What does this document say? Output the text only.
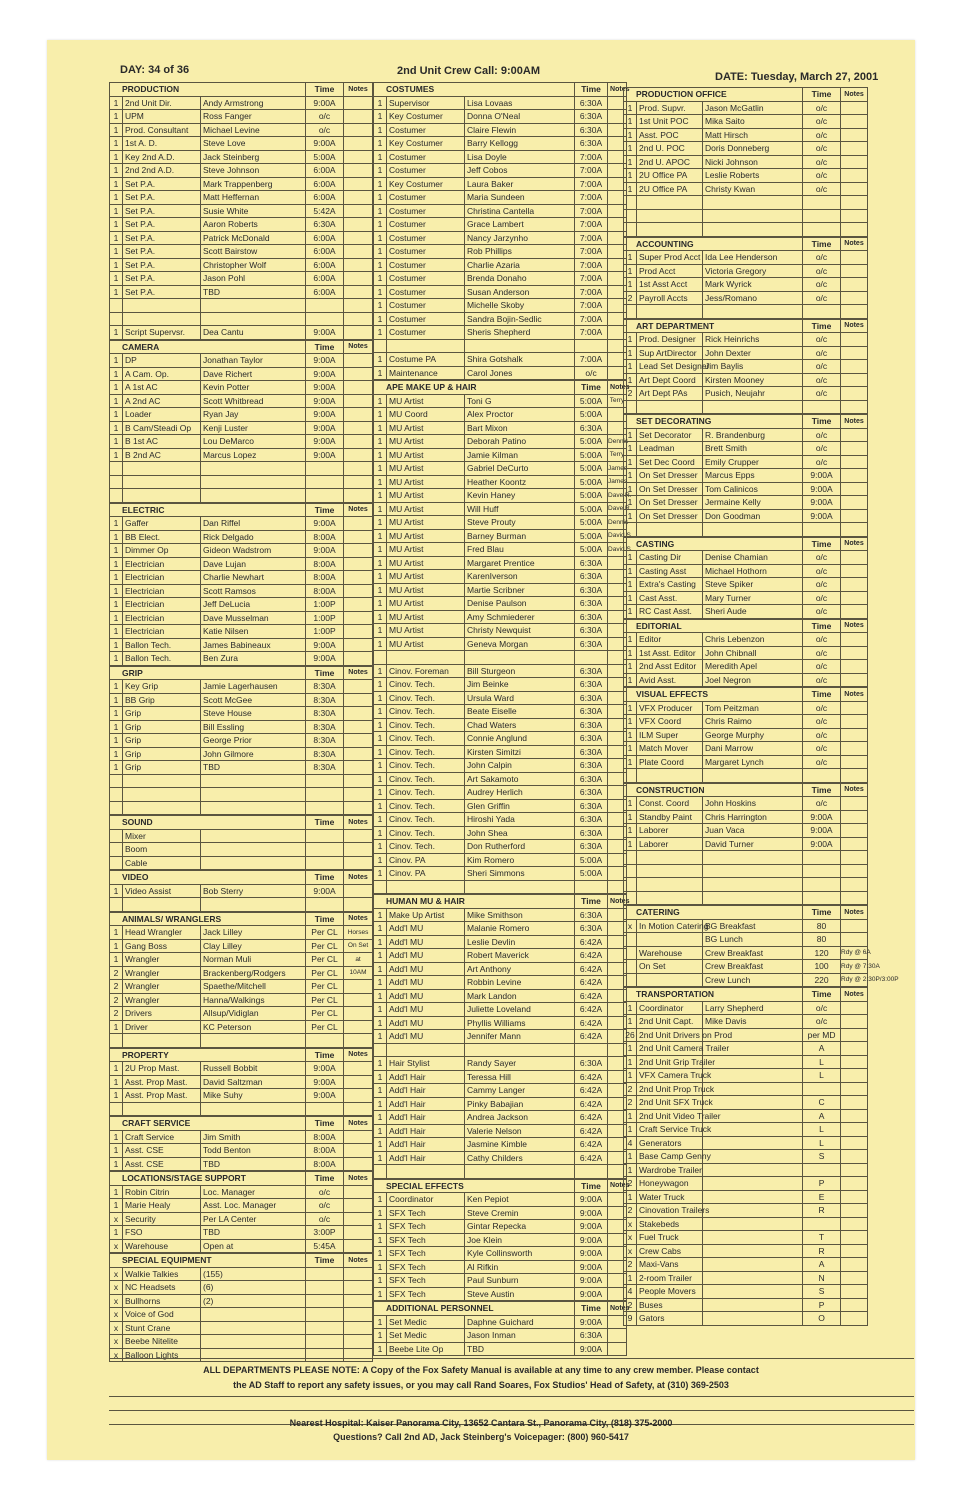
DAY: 34 of 36	2nd Unit Crew Call: 9:00AM	DATE: Tuesday, March 27, 2001
PRODUCTION			Time	Notes
1	2nd Unit Dir.	Andy Armstrong	9:00A	
1	UPM	Ross Fanger	o/c	
1	Prod. Consultant	Michael Levine	o/c	
1	1st A. D.	Steve Love	9:00A	
1	Key 2nd A.D.	Jack Steinberg	5:00A	
1	2nd 2nd A.D.	Steve Johnson	6:00A	
1	Set P.A.	Mark Trappenberg	6:00A	
1	Set P.A.	Matt Heffernan	6:00A	
1	Set P.A.	Susie White	5:42A	
1	Set P.A.	Aaron Roberts	6:30A	
1	Set P.A.	Patrick McDonald	6:00A	
1	Set P.A.	Scott Bairstow	6:00A	
1	Set P.A.	Christopher Wolf	6:00A	
1	Set P.A.	Jason Pohl	6:00A	
1	Set P.A.	TBD	6:00A	

1	Script Supervsr.	Dea Cantu	9:00A	
CAMERA			Time	Notes
1	DP	Jonathan Taylor	9:00A	
1	A Cam. Op.	Dave Richert	9:00A	
1	A 1st AC	Kevin Potter	9:00A	
1	A 2nd AC	Scott Whitbread	9:00A	
1	Loader	Ryan Jay	9:00A	
1	B Cam/Steadi Op	Kenji Luster	9:00A	
1	B 1st AC	Lou DeMarco	9:00A	
1	B 2nd AC	Marcus Lopez	9:00A	

ELECTRIC			Time	Notes
1	Gaffer	Dan Riffel	9:00A	
1	BB Elect.	Rick Delgado	8:00A	
1	Dimmer Op	Gideon Wadstrom	9:00A	
1	Electrician	Dave Lujan	8:00A	
1	Electrician	Charlie Newhart	8:00A	
1	Electrician	Scott Ramsos	8:00A	
1	Electrician	Jeff DeLucia	1:00P	
1	Electrician	Dave Musselman	1:00P	
1	Electrician	Katie Nilsen	1:00P	
1	Ballon Tech.	James Babineaux	9:00A	
1	Ballon Tech.	Ben Zura	9:00A	
GRIP			Time	Notes
1	Key Grip	Jamie Lagerhausen	8:30A	
1	BB Grip	Scott McGee	8:30A	
1	Grip	Steve House	8:30A	
1	Grip	Bill Essling	8:30A	
1	Grip	George Prior	8:30A	
1	Grip	John Gilmore	8:30A	
1	Grip	TBD	8:30A	

SOUND			Time	Notes
	Mixer			
	Boom			
	Cable			
VIDEO			Time	Notes
1	Video Assist	Bob Sterry	9:00A	

ANIMALS/ WRANGLERS			Time	Notes
1	Head Wrangler	Jack Lilley	Per CL	Horses
1	Gang Boss	Clay Lilley	Per CL	On Set
1	Wrangler	Norman Muli	Per CL	at
2	Wrangler	Brackenberg/Rodgers	Per CL	10AM
2	Wrangler	Spaethe/Mitchell	Per CL	
2	Wrangler	Hanna/Walkings	Per CL	
2	Drivers	Allsup/Vidiglan	Per CL	
1	Driver	KC Peterson	Per CL	

PROPERTY			Time	Notes
1	2U Prop Mast.	Russell Bobbit	9:00A	
1	Asst. Prop Mast.	David Saltzman	9:00A	
1	Asst. Prop Mast.	Mike Suhy	9:00A	

CRAFT SERVICE			Time	Notes
1	Craft Service	Jim Smith	8:00A	
1	Asst. CSE	Todd Benton	8:00A	
1	Asst. CSE	TBD	8:00A	
LOCATIONS/STAGE SUPPORT			Time	Notes
1	Robin Citrin	Loc. Manager	o/c	
1	Marie Healy	Asst. Loc. Manager	o/c	
x	Security	Per LA Center	o/c	
1	FSO	TBD	3:00P	
x	Warehouse	Open at	5:45A	
SPECIAL EQUIPMENT			Time	Notes
x	Walkie Talkies	(155)		
x	NC Headsets	(6)		
x	Bullhorns	(2)		
x	Voice of God			
x	Stunt Crane			
x	Beebe Nitelite			
x	Balloon Lights			
COSTUMES			Time	Notes
1	Supervisor	Lisa Lovaas	6:30A	
1	Key Costumer	Donna O'Neal	6:30A	
1	Costumer	Claire Flewin	6:30A	
1	Key Costumer	Barry Kellogg	6:30A	
1	Costumer	Lisa Doyle	7:00A	
1	Costumer	Jeff Cobos	7:00A	
1	Key Costumer	Laura Baker	7:00A	
1	Costumer	Maria Sundeen	7:00A	
1	Costumer	Christina Cantella	7:00A	
1	Costumer	Grace Lambert	7:00A	
1	Costumer	Nancy Jarzynho	7:00A	
1	Costumer	Rob Phillips	7:00A	
1	Costumer	Charlie Azaria	7:00A	
1	Costumer	Brenda Donaho	7:00A	
1	Costumer	Susan Anderson	7:00A	
1	Costumer	Michelle Skoby	7:00A	
1	Costumer	Sandra Bojin-Sedlic	7:00A	
1	Costumer	Sheris Shepherd	7:00A	

1	Costume PA	Shira Gotshalk	7:00A	
1	Maintenance	Carol Jones	o/c	
APE MAKE UP & HAIR			Time	Notes
1	MU Artist	Toni G	5:00A	Terry
1	MU Coord	Alex Proctor	5:00A	
1	MU Artist	Bart Mixon	6:30A	
1	MU Artist	Deborah Patino	5:00A	Dennis
1	MU Artist	Jamie Kilman	5:00A	Terry
1	MU Artist	Gabriel DeCurto	5:00A	James
1	MU Artist	Heather Koontz	5:00A	James
1	MU Artist	Kevin Haney	5:00A	Dave R.
1	MU Artist	Will Huff	5:00A	Dave R.
1	MU Artist	Steve Prouty	5:00A	Dennis
1	MU Artist	Barney Burman	5:00A	David S.
1	MU Artist	Fred Blau	5:00A	David S.
1	MU Artist	Margaret Prentice	6:30A	
1	MU Artist	KarenIverson	6:30A	
1	MU Artist	Martie Scribner	6:30A	
1	MU Artist	Denise Paulson	6:30A	
1	MU Artist	Amy Schmiederer	6:30A	
1	MU Artist	Christy Newquist	6:30A	
1	MU Artist	Geneva Morgan	6:30A	

1	Cinov. Foreman	Bill Sturgeon	6:30A	
1	Cinov. Tech.	Jim Beinke	6:30A	
1	Cinov. Tech.	Ursula Ward	6:30A	
1	Cinov. Tech.	Beate Eiselle	6:30A	
1	Cinov. Tech.	Chad Waters	6:30A	
1	Cinov. Tech.	Connie Anglund	6:30A	
1	Cinov. Tech.	Kirsten Simitzi	6:30A	
1	Cinov. Tech.	John Calpin	6:30A	
1	Cinov. Tech.	Art Sakamoto	6:30A	
1	Cinov. Tech.	Audrey Herlich	6:30A	
1	Cinov. Tech.	Glen Griffin	6:30A	
1	Cinov. Tech.	Hiroshi Yada	6:30A	
1	Cinov. Tech.	John Shea	6:30A	
1	Cinov. Tech.	Don Rutherford	6:30A	
1	Cinov. PA	Kim Romero	5:00A	
1	Cinov. PA	Sheri Simmons	5:00A	

HUMAN MU & HAIR			Time	Notes
1	Make Up Artist	Mike Smithson	6:30A	
1	Add'l MU	Malanie Romero	6:30A	
1	Add'l MU	Leslie Devlin	6:42A	
1	Add'l MU	Robert Maverick	6:42A	
1	Add'l MU	Art Anthony	6:42A	
1	Add'l MU	Robbin Levine	6:42A	
1	Add'l MU	Mark Landon	6:42A	
1	Add'l MU	Juliette Loveland	6:42A	
1	Add'l MU	Phyllis Williams	6:42A	
1	Add'l MU	Jennifer Mann	6:42A	

1	Hair Stylist	Randy Sayer	6:30A	
1	Add'l Hair	Teressa Hill	6:42A	
1	Add'l Hair	Cammy Langer	6:42A	
1	Add'l Hair	Pinky Babajian	6:42A	
1	Add'l Hair	Andrea Jackson	6:42A	
1	Add'l Hair	Valerie Nelson	6:42A	
1	Add'l Hair	Jasmine Kimble	6:42A	
1	Add'l Hair	Cathy Childers	6:42A	

SPECIAL EFFECTS			Time	Notes
1	Coordinator	Ken Pepiot	9:00A	
1	SFX Tech	Steve Cremin	9:00A	
1	SFX Tech	Gintar Repecka	9:00A	
1	SFX Tech	Joe Klein	9:00A	
1	SFX Tech	Kyle Collinsworth	9:00A	
1	SFX Tech	Al Rifkin	9:00A	
1	SFX Tech	Paul Sunburn	9:00A	
1	SFX Tech	Steve Austin	9:00A	
ADDITIONAL PERSONNEL			Time	Notes
1	Set Medic	Daphne Guichard	9:00A	
1	Set Medic	Jason Inman	6:30A	
1	Beebe Lite Op	TBD	9:00A	
PRODUCTION OFFICE			Time	Notes
1	Prod. Supvr.	Jason McGatlin	o/c	
1	1st Unit POC	Mika Saito	o/c	
1	Asst. POC	Matt Hirsch	o/c	
1	2nd U. POC	Doris Donneberg	o/c	
1	2nd U. APOC	Nicki Johnson	o/c	
1	2U Office PA	Leslie Roberts	o/c	
1	2U Office PA	Christy Kwan	o/c	

ACCOUNTING			Time	Notes
1	Super Prod Acct	Ida Lee Henderson	o/c	
1	Prod Acct	Victoria Gregory	o/c	
1	1st Asst Acct	Mark Wyrick	o/c	
2	Payroll Accts	Jess/Romano	o/c	

ART DEPARTMENT			Time	Notes
1	Prod. Designer	Rick Heinrichs	o/c	
1	Sup ArtDirector	John Dexter	o/c	
1	Lead Set Designer	Jim Baylis	o/c	
1	Art Dept Coord	Kirsten Mooney	o/c	
2	Art Dept PAs	Pusich, Neujahr	o/c	

SET DECORATING			Time	Notes
1	Set Decorator	R. Brandenburg	o/c	
1	Leadman	Brett Smith	o/c	
1	Set Dec Coord	Emily Crupper	o/c	
1	On Set Dresser	Marcus Epps	9:00A	
1	On Set Dresser	Tom Calinicos	9:00A	
1	On Set Dresser	Jermaine Kelly	9:00A	
1	On Set Dresser	Don Goodman	9:00A	

CASTING			Time	Notes
1	Casting Dir	Denise Chamian	o/c	
1	Casting Asst	Michael Hothorn	o/c	
1	Extra's Casting	Steve Spiker	o/c	
1	Cast Asst.	Mary Turner	o/c	
1	RC Cast Asst.	Sheri Aude	o/c	
EDITORIAL			Time	Notes
1	Editor	Chris Lebenzon	o/c	
1	1st Asst. Editor	John Chibnall	o/c	
1	2nd Asst Editor	Meredith Apel	o/c	
1	Avid Asst.	Joel Negron	o/c	
VISUAL EFFECTS			Time	Notes
1	VFX Producer	Tom Peitzman	o/c	
1	VFX Coord	Chris Raimo	o/c	
1	ILM Super	George Murphy	o/c	
1	Match Mover	Dani Marrow	o/c	
1	Plate Coord	Margaret Lynch	o/c	

CONSTRUCTION			Time	Notes
1	Const. Coord	John Hoskins	o/c	
1	Standby Paint	Chris Harrington	9:00A	
1	Laborer	Juan Vaca	9:00A	
1	Laborer	David Turner	9:00A	

CATERING			Time	Notes
x	In Motion Catering	BG Breakfast	80	
		BG Lunch	80	
	Warehouse	Crew Breakfast	120	Rdy @ 6A
	On Set	Crew Breakfast	100	Rdy @ 7:30A
		Crew Lunch	220	Rdy @ 2:30P/3:00P
TRANSPORTATION			Time	Notes
1	Coordinator	Larry Shepherd	o/c	
1	2nd Unit Capt.	Mike Davis	o/c	
26	2nd Unit Drivers on Prod		per MD	
1	2nd Unit Camera Trailer		A	
1	2nd Unit Grip Trailer		L	
1	VFX Camera Truck		L	
2	2nd Unit Prop Truck			
2	2nd Unit SFX Truck		C	
1	2nd Unit Video Trailer		A	
1	Craft Service Truck		L	
4	Generators		L	
1	Base Camp Genny		S	
1	Wardrobe Trailer			
2	Honeywagon		P	
1	Water Truck		E	
2	Cinovation Trailers		R	
x	Stakebeds			
x	Fuel Truck		T	
x	Crew Cabs		R	
2	Maxi-Vans		A	
1	2-room Trailer		N	
4	People Movers		S	
2	Buses		P	
9	Gators		O	
ALL DEPARTMENTS PLEASE NOTE: A Copy of the Fox Safety Manual is available at any time to any crew member. Please contact
the AD Staff to report any safety issues, or you may call Rand Soares, Fox Studios' Head of Safety, at (310) 369-2503
Nearest Hospital: Kaiser Panorama City, 13652 Cantara St., Panorama City, (818) 375-2000
Questions? Call 2nd AD, Jack Steinberg's Voicepager: (800) 960-5417
